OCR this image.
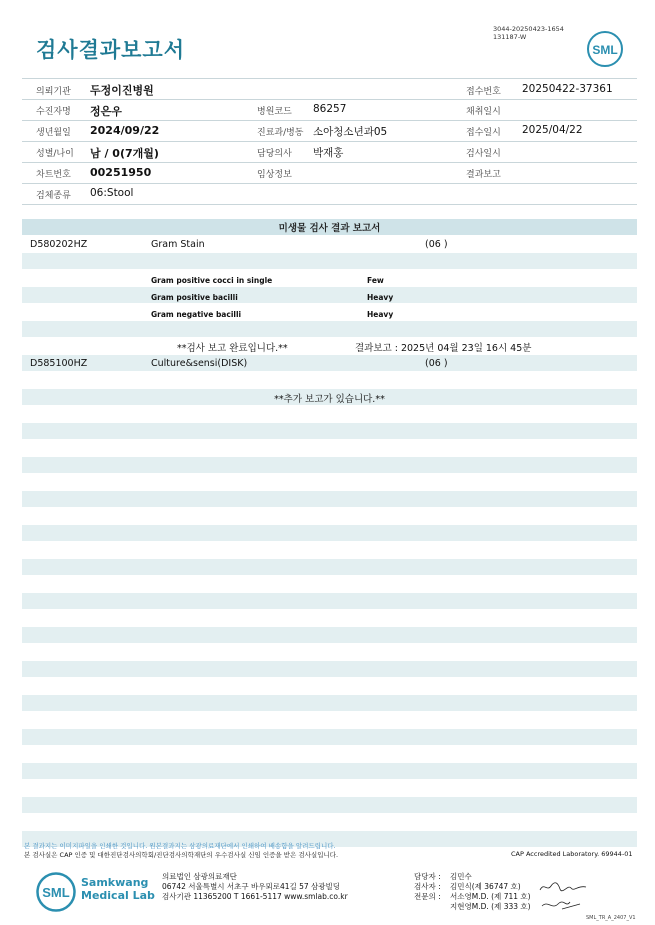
검사결과보고서
3044-20250423-1654
131187-W
SML
의뢰기관 두정이진병원	접수번호 20250422-37361
수진자명 정은우	병원코드 86257	채취일시
생년월일 2024/09/22	진료과/병동 소아청소년과05	접수일시 2025/04/22
성별/나이 남 / 0(7개월)	담당의사 박재홍	검사일시
차트번호 00251950	임상정보	결과보고
검체종류 06:Stool
미생물 검사 결과 보고서
D580202HZ	Gram Stain	(06 )
Gram positive cocci in single	Few
Gram positive bacilli	Heavy
Gram negative bacilli	Heavy
**검사 보고 완료입니다.**	결과보고 : 2025년 04월 23일 16시 45분
D585100HZ	Culture&sensi(DISK)	(06 )
**추가 보고가 있습니다.**
본 결과지는 이미지파일을 인쇄한 것입니다. 원본결과지는 삼광의료재단에서 인쇄하여 배송함을 알려드립니다.
본 검사실은 CAP 인증 및 대한진단검사의학회/진단검사의학재단의 우수검사실 신임 인증을 받은 검사실입니다.	CAP Accredited Laboratory. 69944-01
SML
Samkwang
Medical Lab
의료법인 삼광의료재단
06742 서울특별시 서초구 바우뫼로41길 57 삼광빌딩
검사기관 11365200 T 1661-5117 www.smlab.co.kr
담당자 : 김민수
검사자 : 김민식(제 36747 호)
전문의 : 서소영M.D. (제 711 호)
지현영M.D. (제 333 호)
SML_TR_A_2407_V1
